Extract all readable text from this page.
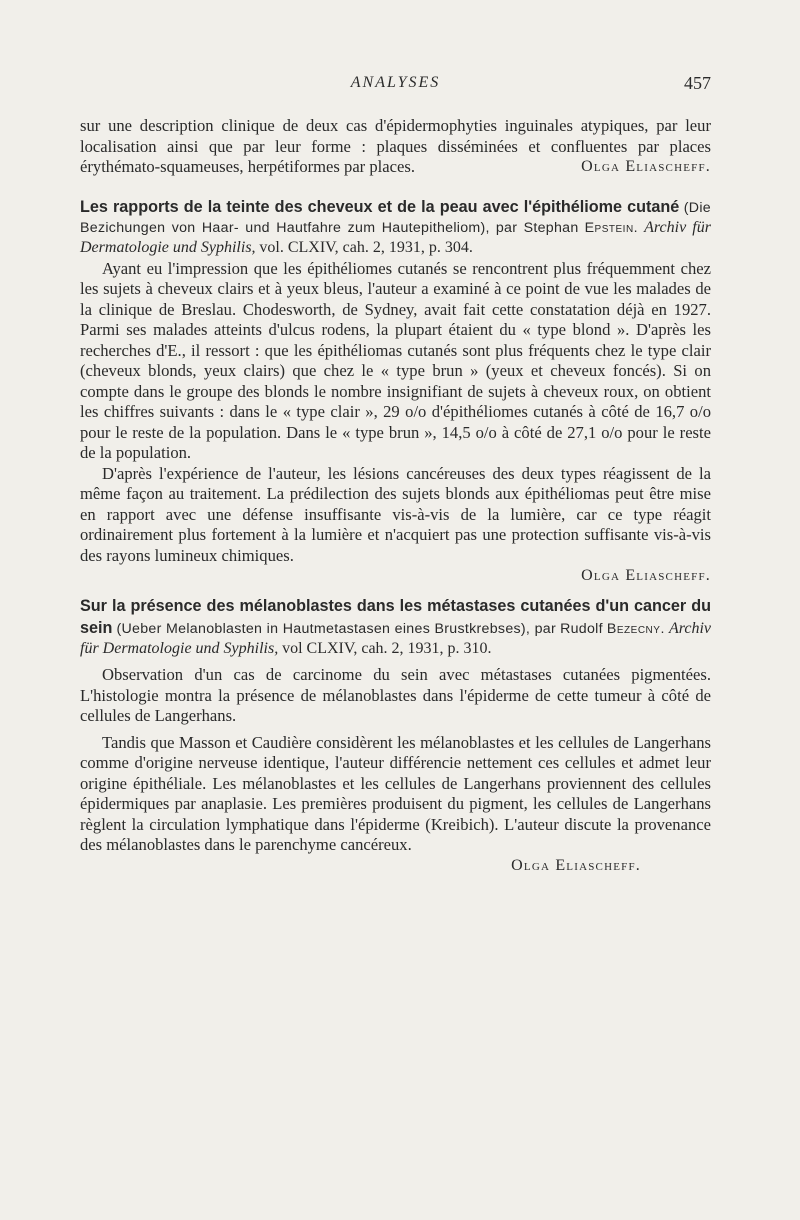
ANALYSES	457

sur une description clinique de deux cas d'épidermophyties inguinales atypiques, par leur localisation ainsi que par leur forme : plaques disséminées et confluentes par places érythémato-squameuses, herpétiformes par places.	Olga Eliascheff.

Les rapports de la teinte des cheveux et de la peau avec l'épithéliome cutané (Die Bezichungen von Haar- und Hautfahre zum Hautepitheliom), par Stephan Epstein. Archiv für Dermatologie und Syphilis, vol. CLXIV, cah. 2, 1931, p. 304.

Ayant eu l'impression que les épithéliomes cutanés se rencontrent plus fréquemment chez les sujets à cheveux clairs et à yeux bleus, l'auteur a examiné à ce point de vue les malades de la clinique de Breslau. Chodesworth, de Sydney, avait fait cette constatation déjà en 1927. Parmi ses malades atteints d'ulcus rodens, la plupart étaient du « type blond ». D'après les recherches d'E., il ressort : que les épithéliomas cutanés sont plus fréquents chez le type clair (cheveux blonds, yeux clairs) que chez le « type brun » (yeux et cheveux foncés). Si on compte dans le groupe des blonds le nombre insignifiant de sujets à cheveux roux, on obtient les chiffres suivants : dans le « type clair », 29 o/o d'épithéliomes cutanés à côté de 16,7 o/o pour le reste de la population. Dans le « type brun », 14,5 o/o à côté de 27,1 o/o pour le reste de la population.

D'après l'expérience de l'auteur, les lésions cancéreuses des deux types réagissent de la même façon au traitement. La prédilection des sujets blonds aux épithéliomas peut être mise en rapport avec une défense insuffisante vis-à-vis de la lumière, car ce type réagit ordinairement plus fortement à la lumière et n'acquiert pas une protection suffisante vis-à-vis des rayons lumineux chimiques.

Olga Eliascheff.

Sur la présence des mélanoblastes dans les métastases cutanées d'un cancer du sein (Ueber Melanoblasten in Hautmetastasen eines Brustkrebses), par Rudolf Bezecny. Archiv für Dermatologie und Syphilis, vol CLXIV, cah. 2, 1931, p. 310.

Observation d'un cas de carcinome du sein avec métastases cutanées pigmentées. L'histologie montra la présence de mélanoblastes dans l'épiderme de cette tumeur à côté de cellules de Langerhans.

Tandis que Masson et Caudière considèrent les mélanoblastes et les cellules de Langerhans comme d'origine nerveuse identique, l'auteur différencie nettement ces cellules et admet leur origine épithéliale. Les mélanoblastes et les cellules de Langerhans proviennent des cellules épidermiques par anaplasie. Les premières produisent du pigment, les cellules de Langerhans règlent la circulation lymphatique dans l'épiderme (Kreibich). L'auteur discute la provenance des mélanoblastes dans le parenchyme cancéreux.

Olga Eliascheff.
